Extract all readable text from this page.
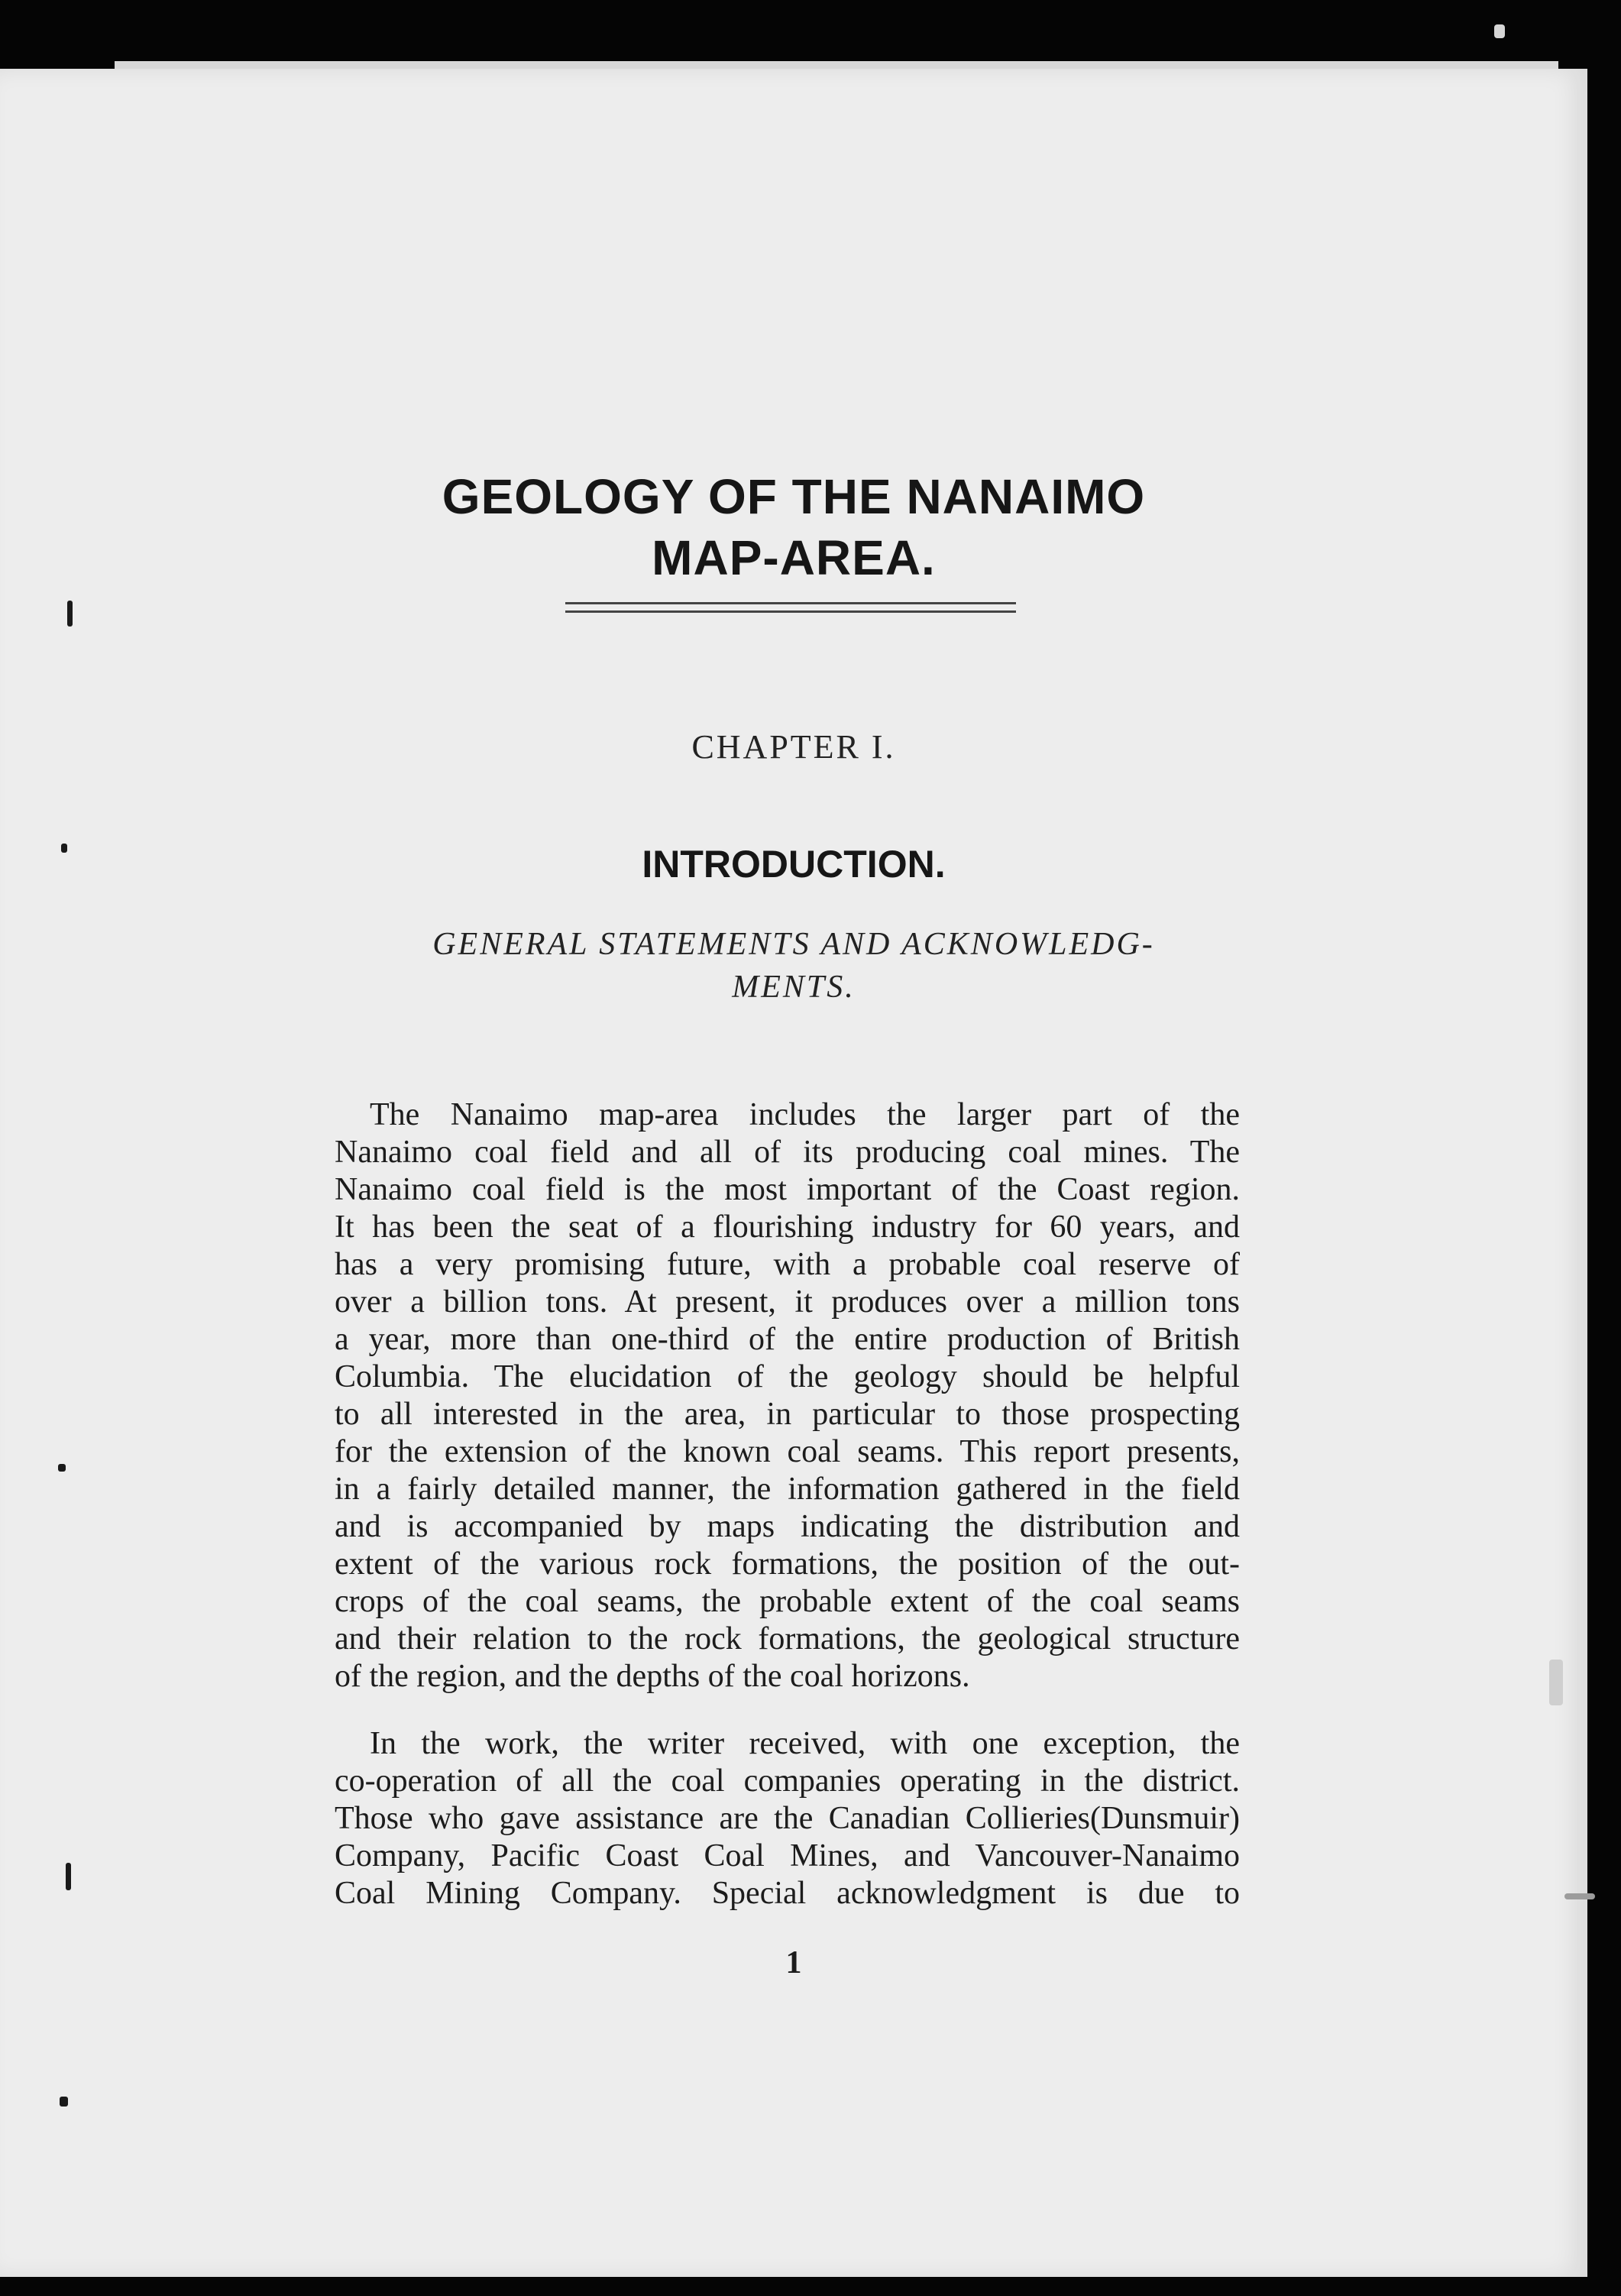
GEOLOGY OF THE NANAIMO
MAP-AREA.
CHAPTER I.
INTRODUCTION.
GENERAL STATEMENTS AND ACKNOWLEDG-
MENTS.
The Nanaimo map-area includes the larger part of the
Nanaimo coal field and all of its producing coal mines. The
Nanaimo coal field is the most important of the Coast region.
It has been the seat of a flourishing industry for 60 years, and
has a very promising future, with a probable coal reserve of
over a billion tons. At present, it produces over a million tons
a year, more than one-third of the entire production of British
Columbia. The elucidation of the geology should be helpful
to all interested in the area, in particular to those prospecting
for the extension of the known coal seams. This report presents,
in a fairly detailed manner, the information gathered in the field
and is accompanied by maps indicating the distribution and
extent of the various rock formations, the position of the out-
crops of the coal seams, the probable extent of the coal seams
and their relation to the rock formations, the geological structure
of the region, and the depths of the coal horizons.
In the work, the writer received, with one exception, the
co-operation of all the coal companies operating in the district.
Those who gave assistance are the Canadian Collieries(Dunsmuir)
Company, Pacific Coast Coal Mines, and Vancouver-Nanaimo
Coal Mining Company. Special acknowledgment is due to
1
